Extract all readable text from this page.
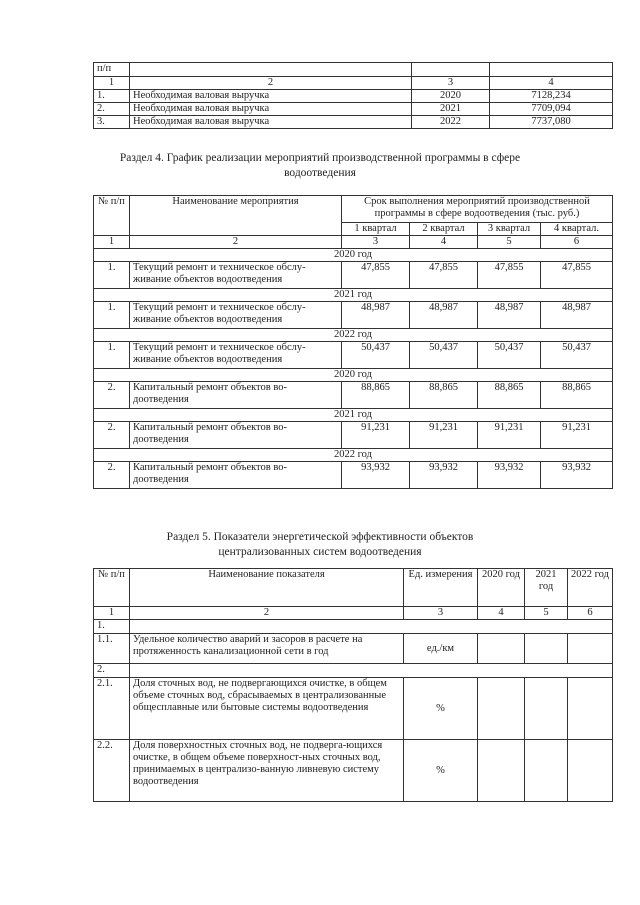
п/п			
1	2	3	4
1.	Необходимая валовая выручка	2020	7128,234
2.	Необходимая валовая выручка	2021	7709,094
3.	Необходимая валовая выручка	2022	7737,080
Раздел 4. График реализации мероприятий производственной программы в сфере
водоотведения
№ п/п	Наименование мероприятия	Срок выполнения мероприятий производственной программы в сфере водоотведения (тыс. руб.)			
		1 квартал	2 квартал	3 квартал	4 квартал.
1	2	3	4	5	6
2020 год					
1.	Текущий ремонт и техническое обслу-живание объектов водоотведения	47,855	47,855	47,855	47,855
2021 год					
1.	Текущий ремонт и техническое обслу-живание объектов водоотведения	48,987	48,987	48,987	48,987
2022 год					
1.	Текущий ремонт и техническое обслу-живание объектов водоотведения	50,437	50,437	50,437	50,437
2020 год					
2.	Капитальный ремонт объектов во-доотведения	88,865	88,865	88,865	88,865
2021 год					
2.	Капитальный ремонт объектов во-доотведения	91,231	91,231	91,231	91,231
2022 год					
2.	Капитальный ремонт объектов во-доотведения	93,932	93,932	93,932	93,932
Раздел 5. Показатели энергетической эффективности объектов
централизованных систем водоотведения
№ п/п	Наименование показателя	Ед. измерения	2020 год	2021 год	2022 год
1	2	3	4	5	6
1.					
1.1.	Удельное количество аварий и засоров в расчете на протяженность канализационной сети в год	ед./км			
2.					
2.1.	Доля сточных вод, не подвергающихся очистке, в общем объеме сточных вод, сбрасываемых в централизованные общесплавные или бытовые системы водоотведения	%			
2.2.	Доля поверхностных сточных вод, не подверга-ющихся очистке, в общем объеме поверхност-ных сточных вод, принимаемых в централизо-ванную ливневую систему водоотведения	%			
